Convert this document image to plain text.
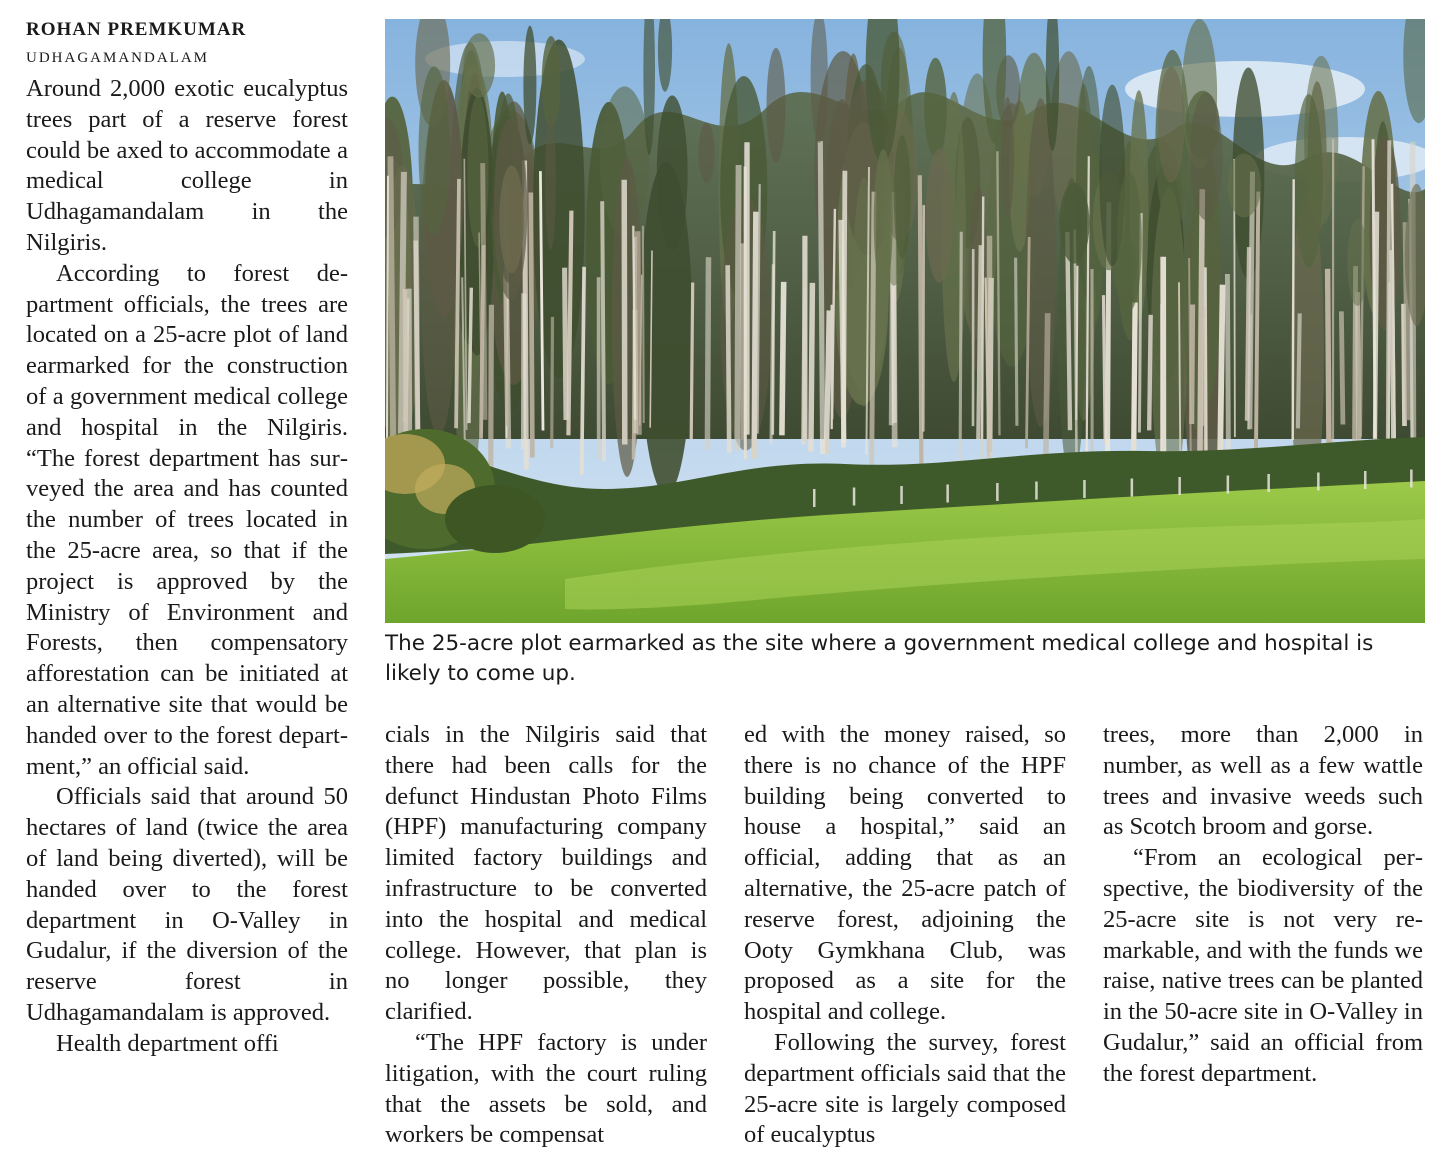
ROHAN PREMKUMAR
UDHAGAMANDALAM

Around 2,000 exotic eucalyptus trees part of a reserve forest could be axed to accommodate a medical college in Udhagamandalam in the Nilgiris.

According to forest department officials, the trees are located on a 25-acre plot of land earmarked for the construction of a government medical college and hospital in the Nilgiris. “The forest department has surveyed the area and has counted the number of trees located in the 25-acre area, so that if the project is approved by the Ministry of Environment and Forests, then compensatory afforestation can be initiated at an alternative site that would be handed over to the forest department,” an official said.

Officials said that around 50 hectares of land (twice the area of land being diverted), will be handed over to the forest department in O-Valley in Gudalur, if the diversion of the reserve forest in Udhagamandalam is approved.

Health department offi

The 25-acre plot earmarked as the site where a government medical college and hospital is likely to come up.

cials in the Nilgiris said that there had been calls for the defunct Hindustan Photo Films (HPF) manufacturing company limited factory buildings and infrastructure to be converted into the hospital and medical college. However, that plan is no longer possible, they clarified.

“The HPF factory is under litigation, with the court ruling that the assets be sold, and workers be compensat

ed with the money raised, so there is no chance of the HPF building being converted to house a hospital,” said an official, adding that as an alternative, the 25-acre patch of reserve forest, adjoining the Ooty Gymkhana Club, was proposed as a site for the hospital and college.

Following the survey, forest department officials said that the 25-acre site is largely composed of eucalyptus

trees, more than 2,000 in number, as well as a few wattle trees and invasive weeds such as Scotch broom and gorse.

“From an ecological perspective, the biodiversity of the 25-acre site is not very remarkable, and with the funds we raise, native trees can be planted in the 50-acre site in O-Valley in Gudalur,” said an official from the forest department.
